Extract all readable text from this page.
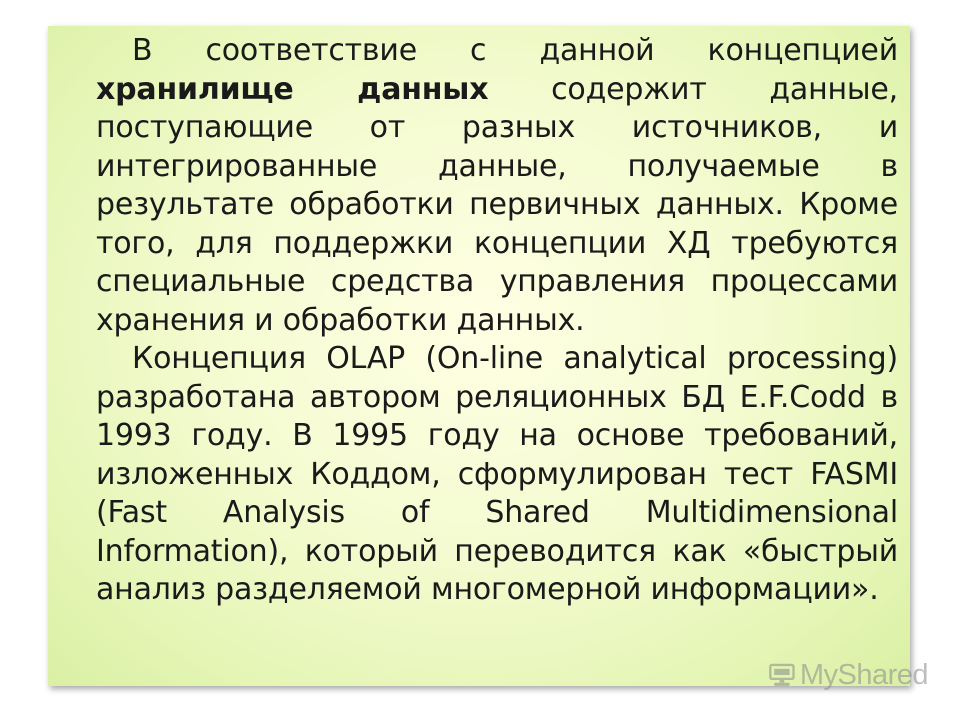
В соответствие с данной концепцией хранилище данных содержит данные, поступающие от разных источников, и интегрированные данные, получаемые в результате обработки первичных данных. Кроме того, для поддержки концепции ХД требуются специальные средства управления процессами хранения и обработки данных.

Концепция OLAP (On-line analytical processing) разработана автором реляционных БД E.F.Codd в 1993 году. В 1995 году на основе требований, изложенных Коддом, сформулирован тест FASMI (Fast Analysis of Shared Multidimensional Information), который переводится как «быстрый анализ разделяемой многомерной информации».

MyShared
